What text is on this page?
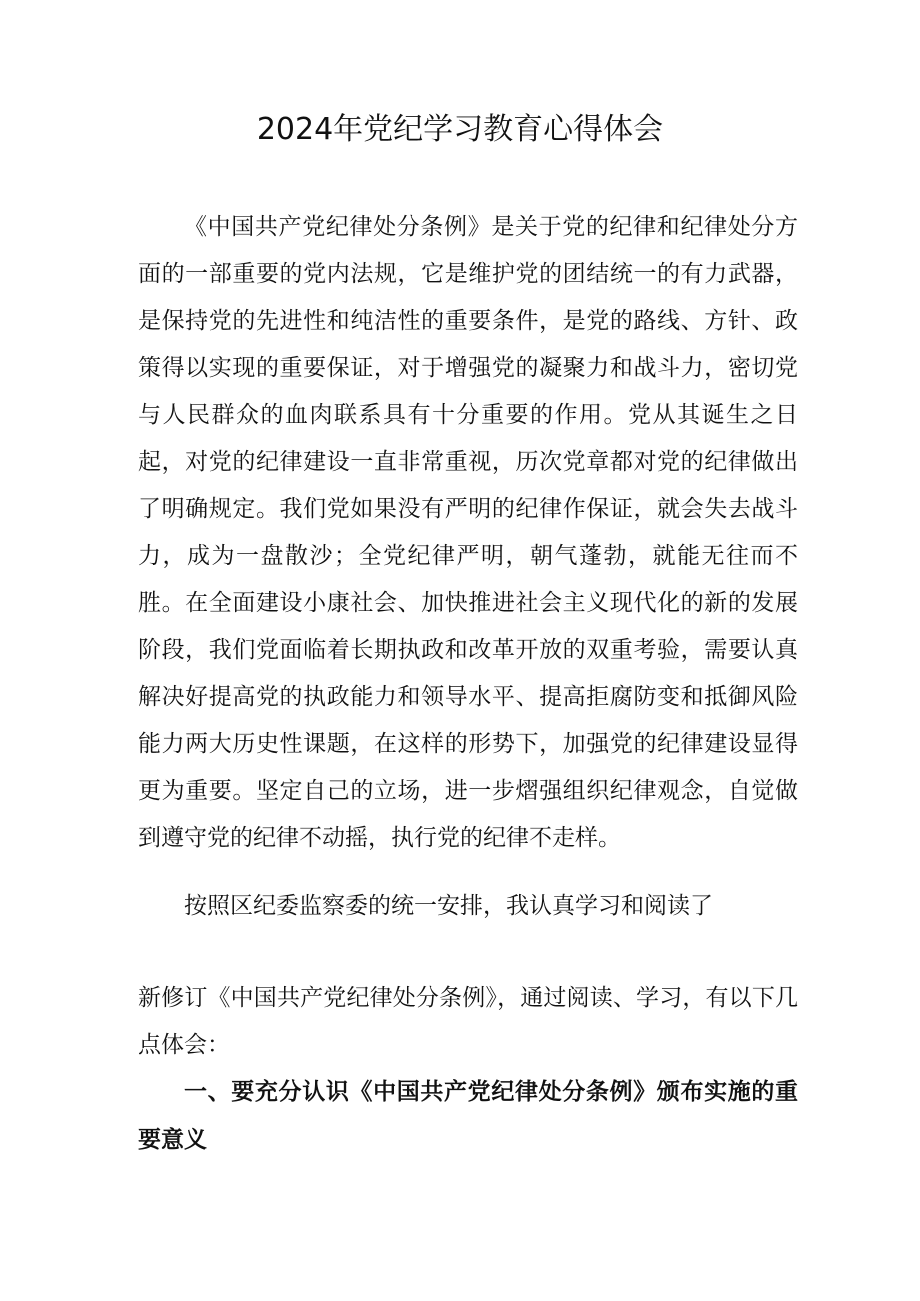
2024年党纪学习教育心得体会

《中国共产党纪律处分条例》是关于党的纪律和纪律处分方面的一部重要的党内法规，它是维护党的团结统一的有力武器，是保持党的先进性和纯洁性的重要条件，是党的路线、方针、政策得以实现的重要保证，对于增强党的凝聚力和战斗力，密切党与人民群众的血肉联系具有十分重要的作用。党从其诞生之日起，对党的纪律建设一直非常重视，历次党章都对党的纪律做出了明确规定。我们党如果没有严明的纪律作保证，就会失去战斗力，成为一盘散沙；全党纪律严明，朝气蓬勃，就能无往而不胜。在全面建设小康社会、加快推进社会主义现代化的新的发展阶段，我们党面临着长期执政和改革开放的双重考验，需要认真解决好提高党的执政能力和领导水平、提高拒腐防变和抵御风险能力两大历史性课题，在这样的形势下，加强党的纪律建设显得更为重要。坚定自己的立场，进一步熠强组织纪律观念，自觉做到遵守党的纪律不动摇，执行党的纪律不走样。

按照区纪委监察委的统一安排，我认真学习和阅读了

新修订《中国共产党纪律处分条例》，通过阅读、学习，有以下几点体会：

一、要充分认识《中国共产党纪律处分条例》颁布实施的重要意义
